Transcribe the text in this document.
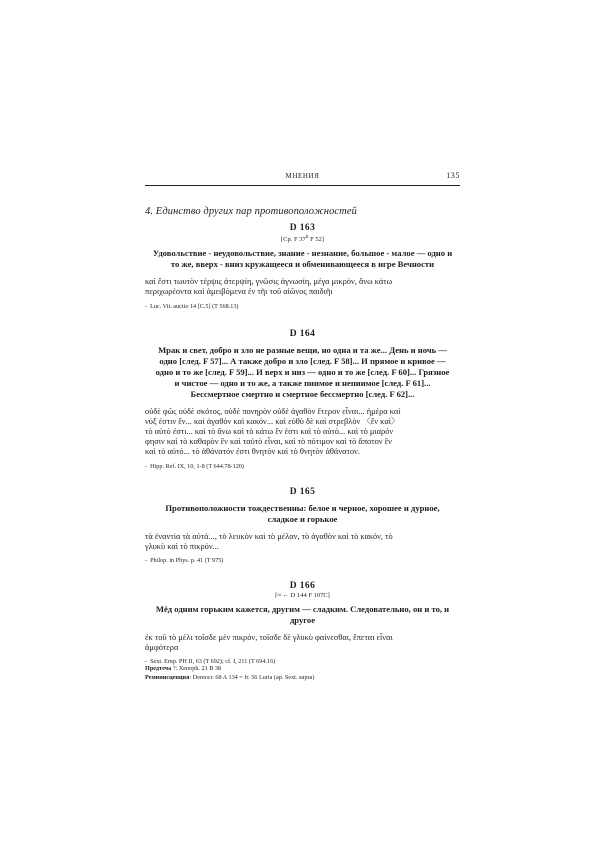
МНЕНИЯ	135
4. Единство других пар противоположностей
D 163
[Ср. F 37$^b$ F 52]
Удовольствие - неудовольствие, знание - незнание, большое - малое — одно и
то же, вверх - вниз кружащееся и обменивающееся в игре Вечности

καὶ ἔστι τωυτὸν τέρψις ἀτερψίη, γνῶσις ἀγνωσίη, μέγα μικρόν, ἄνω κάτω

περιχωρέοντα καὶ ἀμειβόμενα ἐν τῆι τοῦ αἰῶνος παιδιῆι

- Luc. Vit. auctio 14 [С.5] (T 568.13)
D 164
Мрак и свет, добро и зло не разные вещи, но одна и та же... День и ночь —
одно [след. F 57]... А также добро и зло [след. F 58]... И прямое и кривое —
одно и то же [след. F 59]... И верх и низ — одно и то же [след. F 60]... Грязное
и чистое — одно и то же, а также пиимое и непиимое [след. F 61]...
Бессмертное смертно и смертное бессмертно [след. F 62]...

οὐδὲ φῶς οὐδὲ σκότος, οὐδὲ πονηρὸν οὐδὲ ἀγαθὸν ἕτερον εἶναι... ἡμέρα καὶ

νύξ ἐστιν ἕν... καὶ ἀγαθὸν καὶ κακόν... καὶ εὐθὺ δὲ καὶ στρεβλὸν 〈ἕν καὶ〉

τὸ αὐτό ἐστι... καὶ τὸ ἄνω καὶ τὸ κάτω ἕν ἐστι καὶ τὸ αὐτό... καὶ τὸ μιαρόν

φησιν καὶ τὸ καθαρὸν ἓν καὶ ταὐτὸ εἶναι, καὶ τὸ πότιμον καὶ τὸ ἄποτον ἓν

καὶ τὸ αὐτό... τὸ ἀθάνατόν ἐστι θνητὸν καὶ τὸ θνητὸν ἀθάνατον.

- Hipp. Ref. IX, 10, 1-8 (T 644.78-120)
D 165
Противоположности тождественны: белое и черное, хорошее и дурное,
сладкое и горькое

τὰ ἐναντία τὰ αὐτά..., τὸ λευκὸν καὶ τὸ μέλαν, τὸ ἀγαθὸν καὶ τὸ κακόν, τὸ

γλυκὺ καὶ τὸ πικρόν...

- Philop. in Phys. p. 41 (T 975)
D 166
[≈ ← D 144 F 107C]
Мёд одним горьким кажется, другим — сладким. Следовательно, он и то, и
другое

ἐκ τοῦ τὸ μέλι τοῖσδε μὲν πικρόν, τοῖσδε δὲ γλυκὺ φαίνεσθαι, ἕπεται εἶναι

ἀμφότερα

- Sext. Emp. PH II, 63 (T 692); cf. I, 211 (T 694.16)
Предтеча ?: Xenoph. 21 B 38
Реминисценция: Democr. 68 A 134 = fr. 56 Luria (ap. Sext. supra)
